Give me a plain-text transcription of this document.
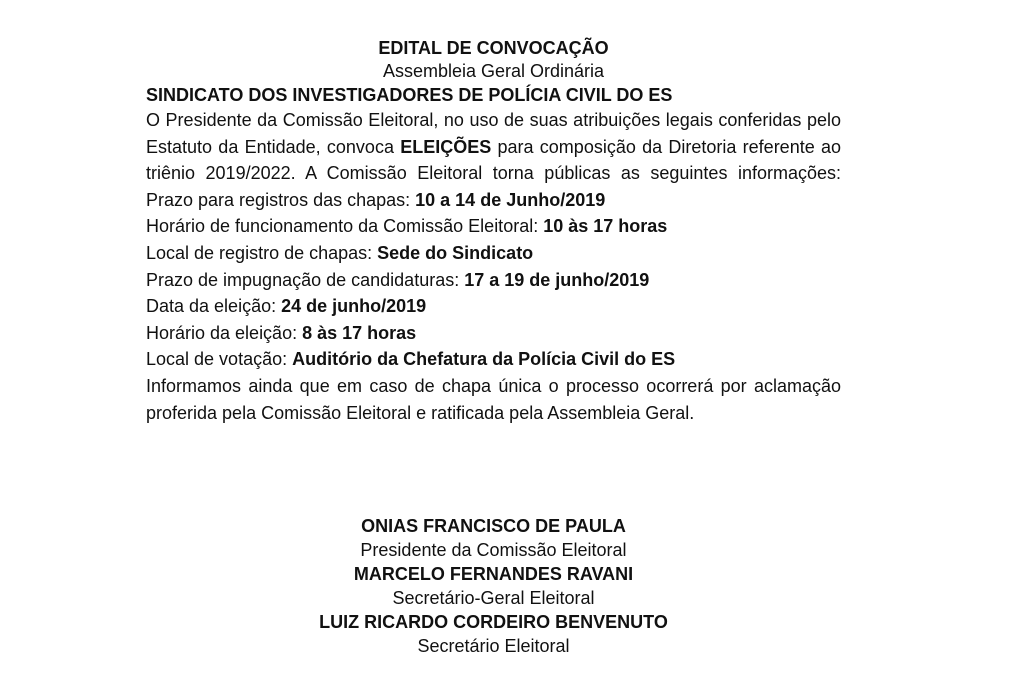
EDITAL DE CONVOCAÇÃO
Assembleia Geral Ordinária
SINDICATO DOS INVESTIGADORES DE POLÍCIA CIVIL DO ES
O Presidente da Comissão Eleitoral, no uso de suas atribuições legais conferidas pelo Estatuto da Entidade, convoca ELEIÇÕES para composição da Diretoria referente ao triênio 2019/2022. A Comissão Eleitoral torna públicas as seguintes informações: Prazo para registros das chapas: 10 a 14 de Junho/2019
Horário de funcionamento da Comissão Eleitoral: 10 às 17 horas
Local de registro de chapas: Sede do Sindicato
Prazo de impugnação de candidaturas: 17 a 19 de junho/2019
Data da eleição: 24 de junho/2019
Horário da eleição: 8 às 17 horas
Local de votação: Auditório da Chefatura da Polícia Civil do ES
Informamos ainda que em caso de chapa única o processo ocorrerá por aclamação proferida pela Comissão Eleitoral e ratificada pela Assembleia Geral.
ONIAS FRANCISCO DE PAULA
Presidente da Comissão Eleitoral
MARCELO FERNANDES RAVANI
Secretário-Geral Eleitoral
LUIZ RICARDO CORDEIRO BENVENUTO
Secretário Eleitoral
